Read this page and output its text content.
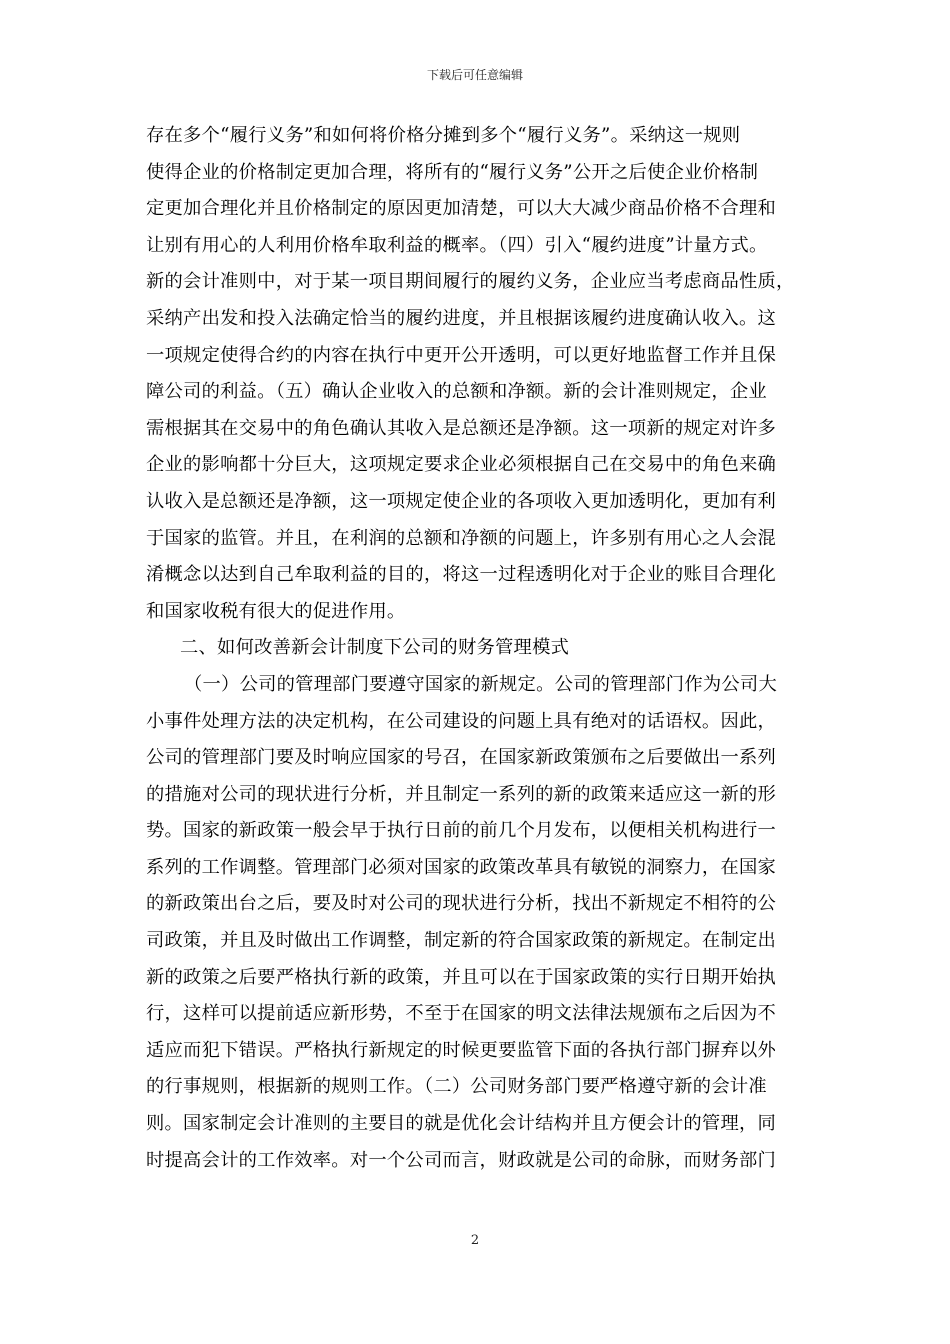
下载后可任意编辑
存在多个“履行义务”和如何将价格分摊到多个“履行义务”。采纳这一规则
使得企业的价格制定更加合理，将所有的“履行义务”公开之后使企业价格制
定更加合理化并且价格制定的原因更加清楚，可以大大减少商品价格不合理和
让别有用心的人利用价格牟取利益的概率。（四）引入“履约进度”计量方式。
新的会计准则中，对于某一项目期间履行的履约义务，企业应当考虑商品性质，
采纳产出发和投入法确定恰当的履约进度，并且根据该履约进度确认收入。这
一项规定使得合约的内容在执行中更开公开透明，可以更好地监督工作并且保
障公司的利益。（五）确认企业收入的总额和净额。新的会计准则规定，企业
需根据其在交易中的角色确认其收入是总额还是净额。这一项新的规定对许多
企业的影响都十分巨大，这项规定要求企业必须根据自己在交易中的角色来确
认收入是总额还是净额，这一项规定使企业的各项收入更加透明化，更加有利
于国家的监管。并且，在利润的总额和净额的问题上，许多别有用心之人会混
淆概念以达到自己牟取利益的目的，将这一过程透明化对于企业的账目合理化
和国家收税有很大的促进作用。
二、如何改善新会计制度下公司的财务管理模式
（一）公司的管理部门要遵守国家的新规定。公司的管理部门作为公司大
小事件处理方法的决定机构，在公司建设的问题上具有绝对的话语权。因此，
公司的管理部门要及时响应国家的号召，在国家新政策颁布之后要做出一系列
的措施对公司的现状进行分析，并且制定一系列的新的政策来适应这一新的形
势。国家的新政策一般会早于执行日前的前几个月发布，以便相关机构进行一
系列的工作调整。管理部门必须对国家的政策改革具有敏锐的洞察力，在国家
的新政策出台之后，要及时对公司的现状进行分析，找出不新规定不相符的公
司政策，并且及时做出工作调整，制定新的符合国家政策的新规定。在制定出
新的政策之后要严格执行新的政策，并且可以在于国家政策的实行日期开始执
行，这样可以提前适应新形势，不至于在国家的明文法律法规颁布之后因为不
适应而犯下错误。严格执行新规定的时候更要监管下面的各执行部门摒弃以外
的行事规则，根据新的规则工作。（二）公司财务部门要严格遵守新的会计准
则。国家制定会计准则的主要目的就是优化会计结构并且方便会计的管理，同
时提高会计的工作效率。对一个公司而言，财政就是公司的命脉，而财务部门
2
